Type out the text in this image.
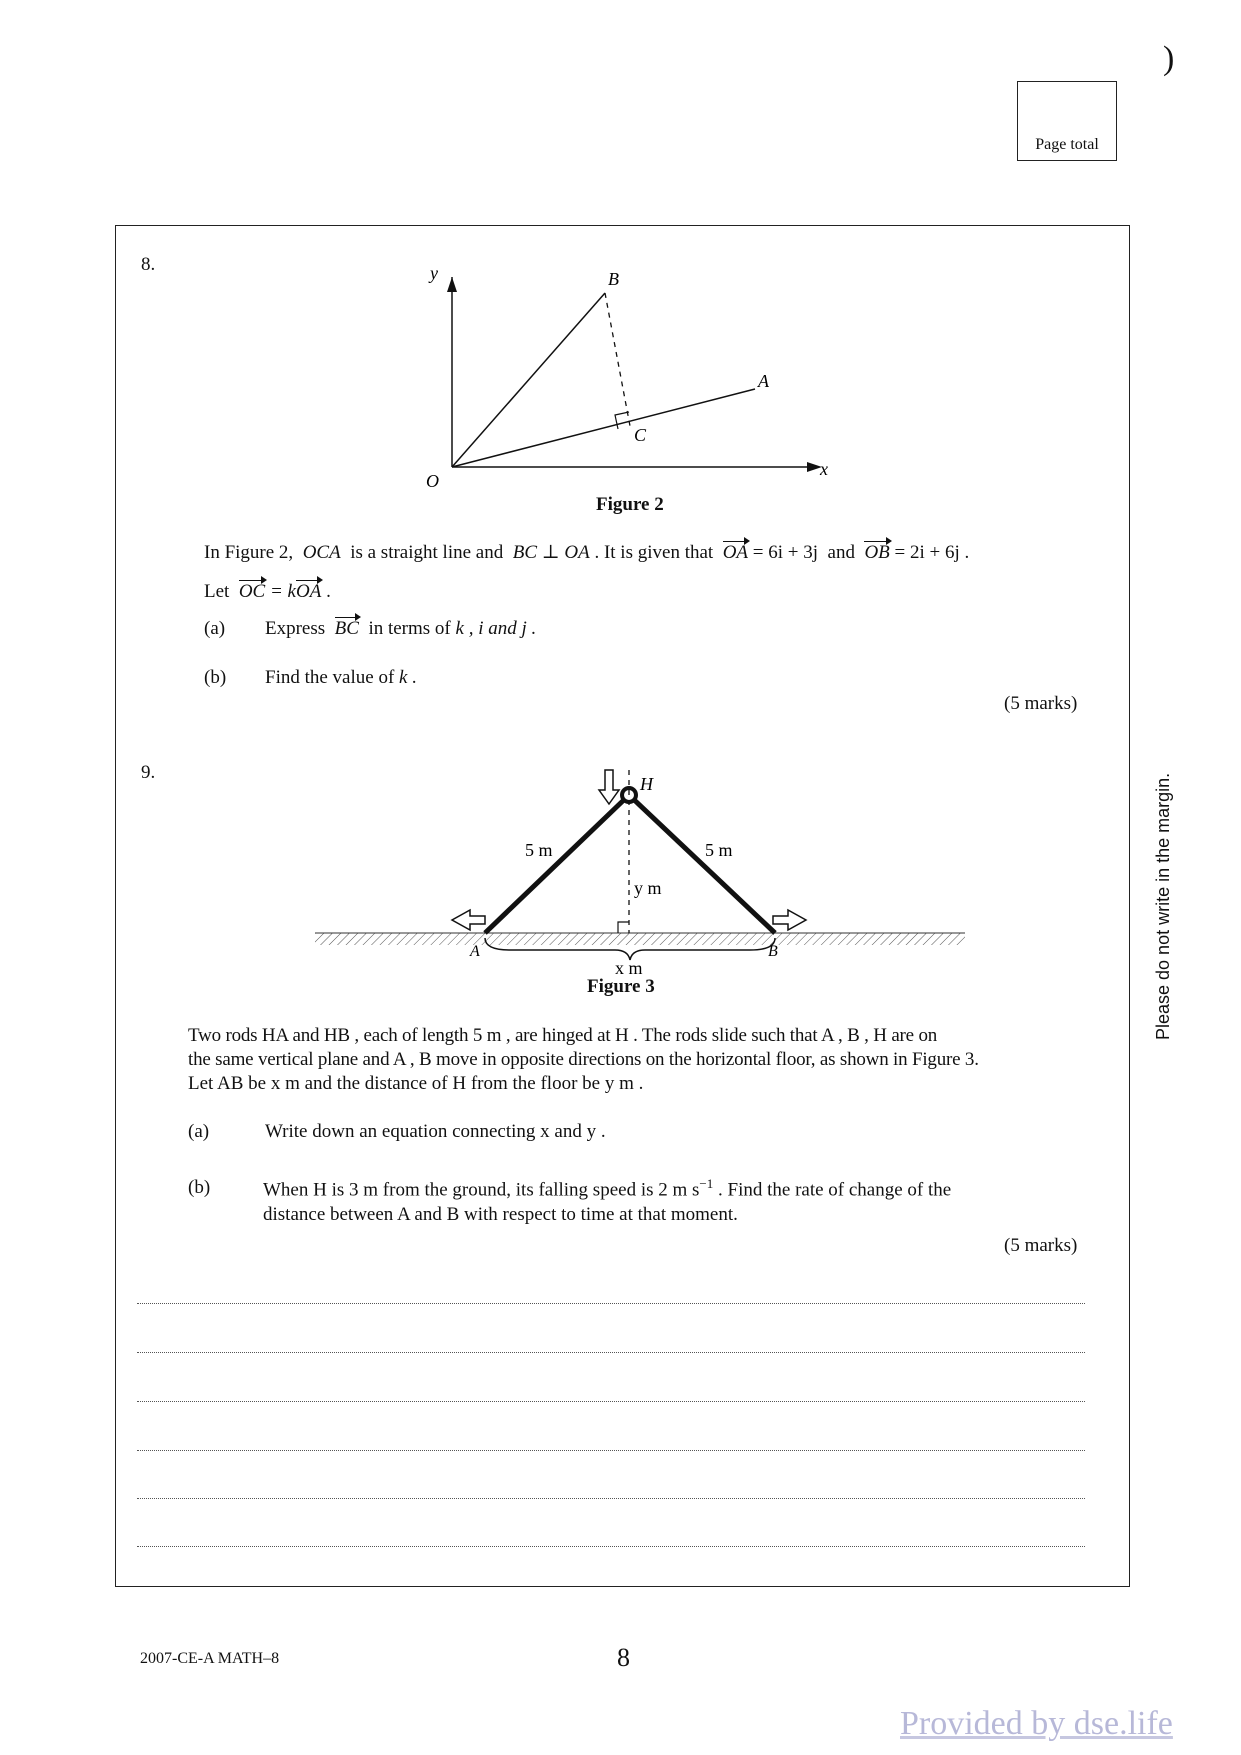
)
Page total
8.
x
y
O
A
B
C
Figure 2
In Figure 2, OCA is a straight line and BC ⊥ OA . It is given that OA = 6i + 3j and OB = 2i + 6j .
Let OC = kOA .
(a) Express BC in terms of k , i and j .
(b) Find the value of k .
(5 marks)
9.
H
A	B
5 m	5 m
y m
x m
Figure 3
Two rods HA and HB , each of length 5 m , are hinged at H . The rods slide such that A , B , H are on
the same vertical plane and A , B move in opposite directions on the horizontal floor, as shown in Figure 3.
Let AB be x m and the distance of H from the floor be y m .
(a)	Write down an equation connecting x and y .
(b)	When H is 3 m from the ground, its falling speed is 2 m $s^{-1}$ . Find the rate of change of the
distance between A and B with respect to time at that moment.
(5 marks)
Please do not write in the margin.
2007-CE-A MATH–8	8
Provided by dse.life
